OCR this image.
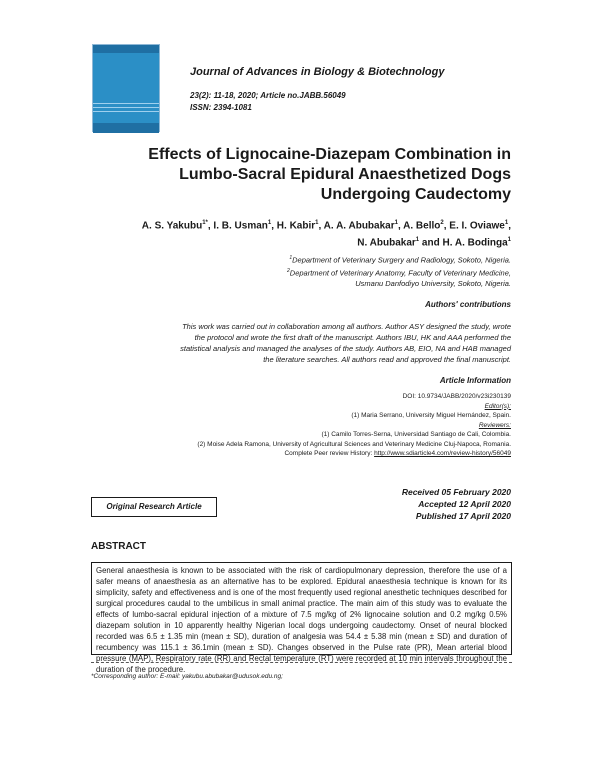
Journal of Advances in Biology & Biotechnology
23(2): 11-18, 2020; Article no.JABB.56049
ISSN: 2394-1081
Effects of Lignocaine-Diazepam Combination in
Lumbo-Sacral Epidural Anaesthetized Dogs
Undergoing Caudectomy
A. S. Yakubu$^{1*}$, I. B. Usman$^1$, H. Kabir$^1$, A. A. Abubakar$^1$, A. Bello$^2$, E. I. Oviawe$^1$,
N. Abubakar$^1$ and H. A. Bodinga$^1$
$^1$Department of Veterinary Surgery and Radiology, Sokoto, Nigeria.
$^2$Department of Veterinary Anatomy, Faculty of Veterinary Medicine,
Usmanu Danfodiyo University, Sokoto, Nigeria.
Authors' contributions
This work was carried out in collaboration among all authors. Author ASY designed the study, wrote
the protocol and wrote the first draft of the manuscript. Authors IBU, HK and AAA performed the
statistical analysis and managed the analyses of the study. Authors AB, EIO, NA and HAB managed
the literature searches. All authors read and approved the final manuscript.
Article Information
DOI: 10.9734/JABB/2020/v23i230139
Editor(s):
(1) Maria Serrano, University Miguel Hernández, Spain.
Reviewers:
(1) Camilo Torres-Serna, Universidad Santiago de Cali, Colombia.
(2) Moise Adela Ramona, University of Agricultural Sciences and Veterinary Medicine Cluj-Napoca, Romania.
Complete Peer review History: http://www.sdiarticle4.com/review-history/56049
Original Research Article
Received 05 February 2020
Accepted 12 April 2020
Published 17 April 2020
ABSTRACT
General anaesthesia is known to be associated with the risk of cardiopulmonary depression, therefore the use of a safer means of anaesthesia as an alternative has to be explored. Epidural anaesthesia technique is known for its simplicity, safety and effectiveness and is one of the most frequently used regional anesthetic techniques described for surgical procedures caudal to the umbilicus in small animal practice. The main aim of this study was to evaluate the effects of lumbo-sacral epidural injection of a mixture of 7.5 mg/kg of 2% lignocaine solution and 0.2 mg/kg 0.5% diazepam solution in 10 apparently healthy Nigerian local dogs undergoing caudectomy. Onset of neural blocked recorded was 6.5 ± 1.35 min (mean ± SD), duration of analgesia was 54.4 ± 5.38 min (mean ± SD) and duration of recumbency was 115.1 ± 36.1min (mean ± SD). Changes observed in the Pulse rate (PR), Mean arterial blood pressure (MAP), Respiratory rate (RR) and Rectal temperature (RT) were recorded at 10 min intervals throughout the duration of the procedure.
*Corresponding author: E-mail: yakubu.abubakar@udusok.edu.ng;
